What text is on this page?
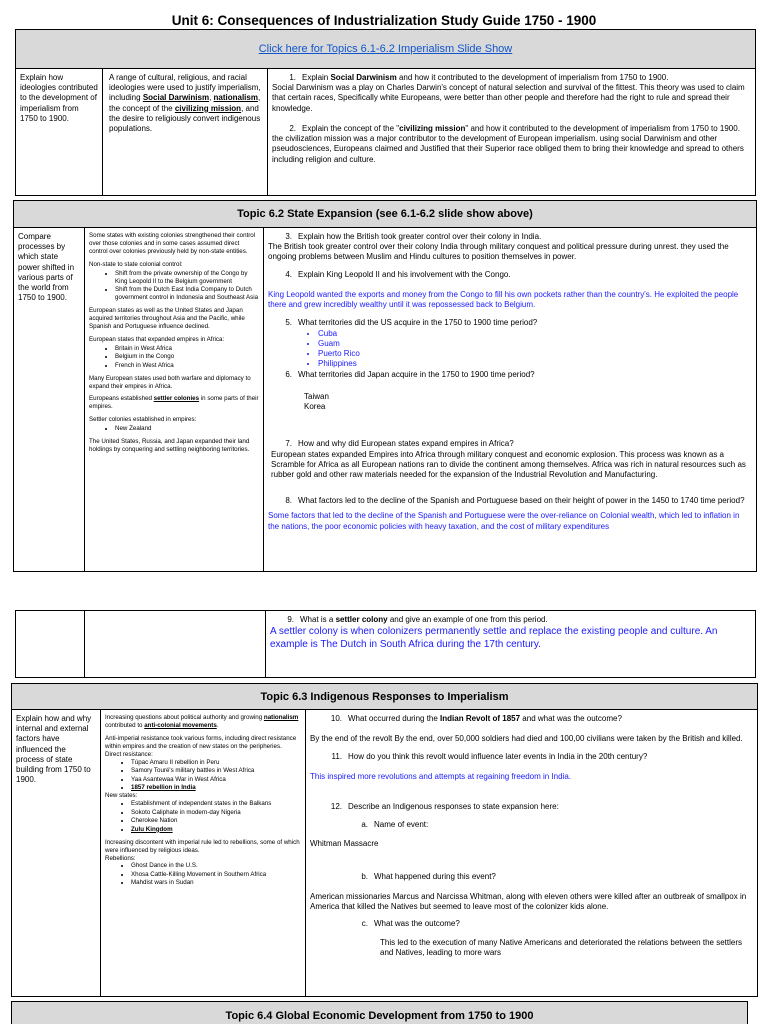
Unit 6: Consequences of Industrialization Study Guide 1750 - 1900
Click here for Topics 6.1-6.2 Imperialism Slide Show
Explain how ideologies contributed to the development of imperialism from 1750 to 1900.
A range of cultural, religious, and racial ideologies were used to justify imperialism, including Social Darwinism, nationalism, the concept of the civilizing mission, and the desire to religiously convert indigenous populations.
1. Explain Social Darwinism and how it contributed to the development of imperialism from 1750 to 1900.
Social Darwinism was a play on Charles Darwin's concept of natural selection and survival of the fittest. This theory was used to claim that certain races, Specifically white Europeans, were better than other people and therefore had the right to rule and spread their knowledge.
2. Explain the concept of the "civilizing mission" and how it contributed to the development of imperialism from 1750 to 1900.
the civilization mission was a major contributor to the development of European imperialism. using social Darwinism and other pseudosciences, Europeans claimed and Justified that their Superior race obliged them to bring their knowledge and spread to others including religion and culture.
Topic 6.2 State Expansion (see 6.1-6.2 slide show above)
Compare processes by which state power shifted in various parts of the world from 1750 to 1900.

Some states with existing colonies strengthened their control over those colonies and in some cases assumed direct control over colonies previously held by non-state entities.

Non-state to state colonial control:

• Shift from the private ownership of the Congo by King Leopold II to the Belgium government
• Shift from the Dutch East India Company to Dutch government control in Indonesia and Southeast Asia

European states as well as the United States and Japan acquired territories throughout Asia and the Pacific, while Spanish and Portuguese influence declined.

European states that expanded empires in Africa:

• Britain in West Africa
• Belgium in the Congo
• French in West Africa

Many European states used both warfare and diplomacy to expand their empires in Africa.

Europeans established settler colonies in some parts of their empires.

Settler colonies established in empires:

• New Zealand

The United States, Russia, and Japan expanded their land holdings by conquering and settling neighboring territories.

3. Explain how the British took greater control over their colony in India.
The British took greater control over their colony India through military conquest and political pressure during unrest. they used the ongoing problems between Muslim and Hindu cultures to position themselves in power.
4. Explain King Leopold II and his involvement with the Congo.
King Leopold wanted the exports and money from the Congo to fill his own pockets rather than the country's. He exploited the people there and grew incredibly wealthy until it was repossessed back to Belgium.
5. What territories did the US acquire in the 1750 to 1900 time period?
• Cuba
• Guam
• Puerto Rico
• Philippines
6. What territories did Japan acquire in the 1750 to 1900 time period?
Taiwan
Korea
7. How and why did European states expand empires in Africa?
European states expanded Empires into Africa through military conquest and economic explosion. This process was known as a Scramble for Africa as all European nations ran to divide the continent among themselves. Africa was rich in natural resources such as rubber gold and other raw materials needed for the expansion of the Industrial Revolution and Manufacturing.
8. What factors led to the decline of the Spanish and Portuguese based on their height of power in the 1450 to 1740 time period?
Some factors that led to the decline of the Spanish and Portuguese were the over-reliance on Colonial wealth, which led to inflation in the nations, the poor economic policies with heavy taxation, and the cost of military expenditures
9. What is a settler colony and give an example of one from this period.
A settler colony is when colonizers permanently settle and replace the existing people and culture. An example is The Dutch in South Africa during the 17th century.
Topic 6.3 Indigenous Responses to Imperialism
Explain how and why internal and external factors have influenced the process of state building from 1750 to 1900.

Increasing questions about political authority and growing nationalism contributed to anti-colonial movements.

Anti-imperial resistance took various forms, including direct resistance within empires and the creation of new states on the peripheries.

Direct resistance:

• Túpac Amaru II rebellion in Peru
• Samory Touré's military battles in West Africa
• Yaa Asantewaa War in West Africa
• 1857 rebellion in India

New states:

• Establishment of independent states in the Balkans
• Sokoto Caliphate in modern-day Nigeria
• Cherokee Nation
• Zulu Kingdom

Increasing discontent with imperial rule led to rebellions, some of which were influenced by religious ideas.

Rebellions:

• Ghost Dance in the U.S.
• Xhosa Cattle-Killing Movement in Southern Africa
• Mahdist wars in Sudan
10. What occurred during the Indian Revolt of 1857 and what was the outcome?
By the end of the revolt By the end, over 50,000 soldiers had died and 100,00 civilians were taken by the British and killed.
11. How do you think this revolt would influence later events in India in the 20th century?
This inspired more revolutions and attempts at regaining freedom in India.
12. Describe an Indigenous responses to state expansion here:
a. Name of event:
Whitman Massacre
b. What happened during this event?
American missionaries Marcus and Narcissa Whitman, along with eleven others were killed after an outbreak of smallpox in America that killed the Natives but seemed to leave most of the colonizer kids alone.
c. What was the outcome?
This led to the execution of many Native Americans and deteriorated the relations between the settlers and Natives, leading to more wars
Topic 6.4 Global Economic Development from 1750 to 1900
